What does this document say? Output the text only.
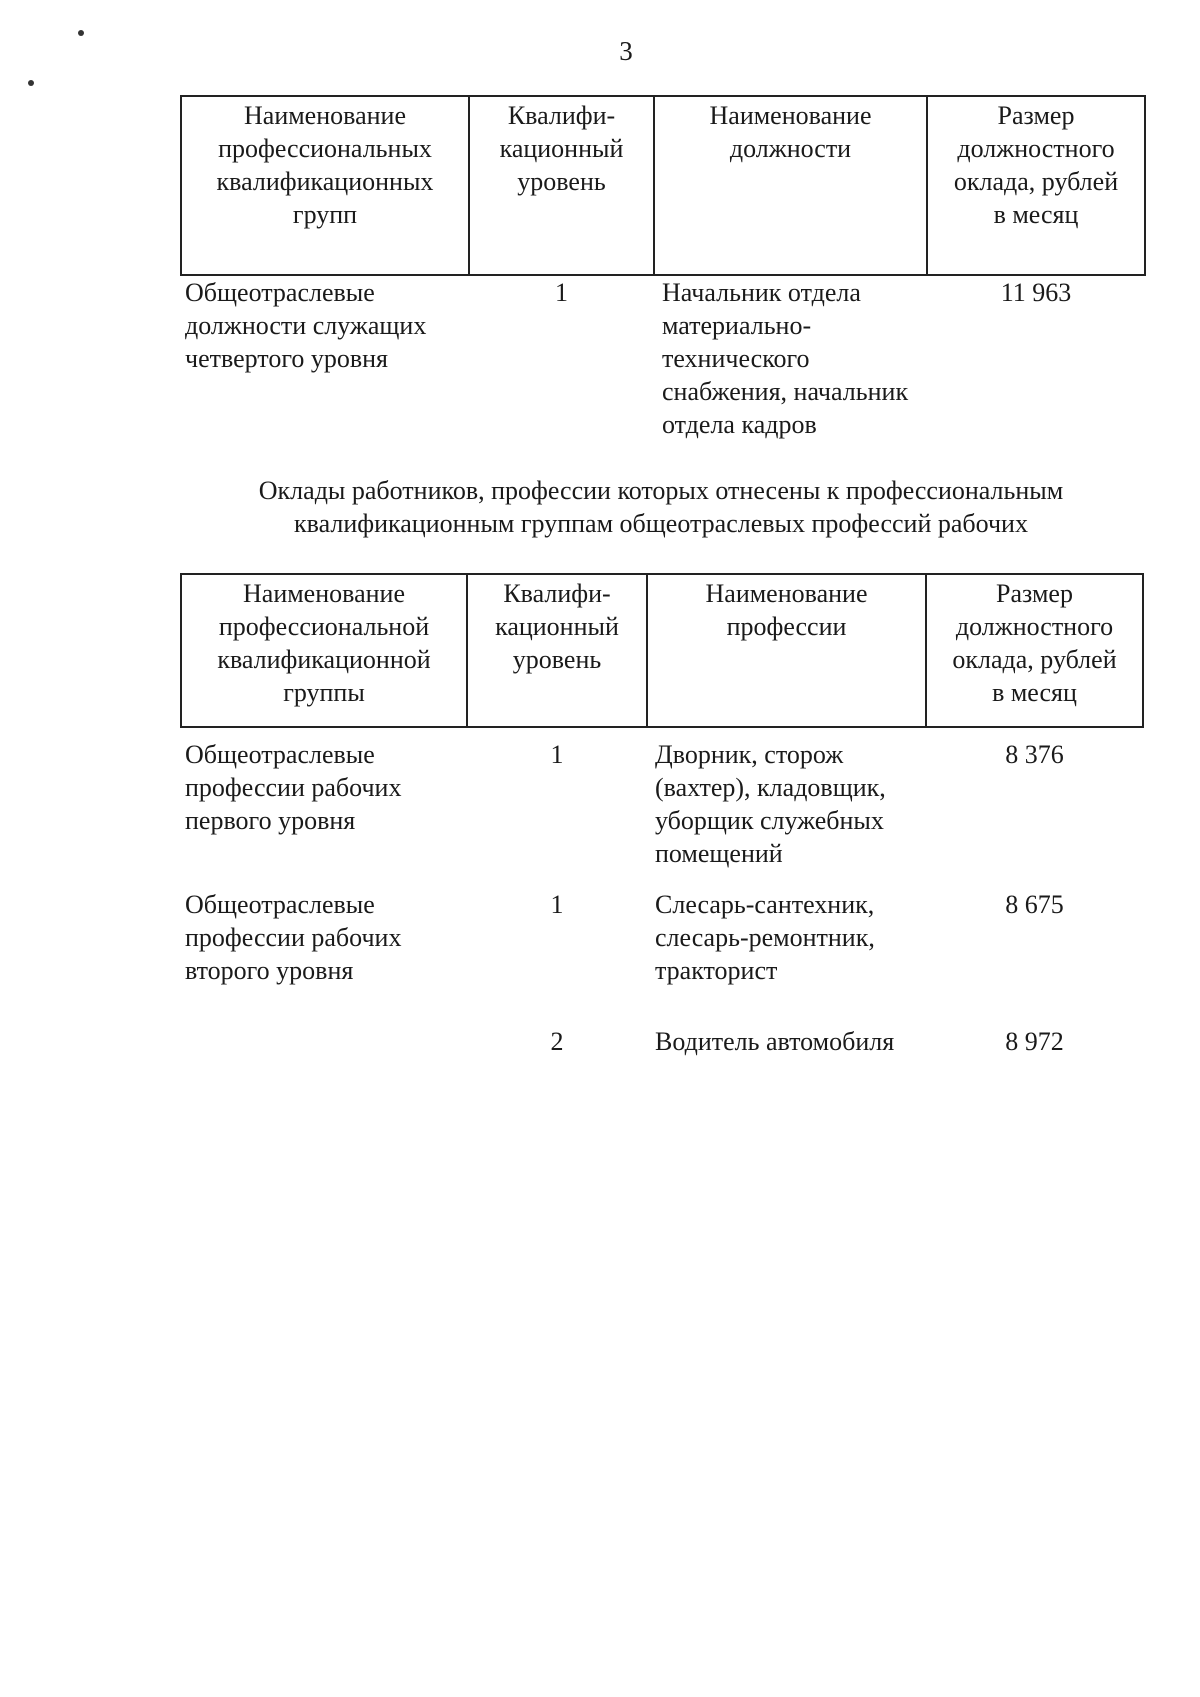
3
Наименование
профессиональных
квалификационных
групп	Квалифи-
кационный
уровень	Наименование
должности	Размер
должностного
оклада, рублей
в месяц

Общеотраслевые
должности служащих
четвертого уровня	1	Начальник отдела
материально-
технического
снабжения, начальник
отдела кадров	11 963
Оклады работников, профессии которых отнесены к профессиональным
квалификационным группам общеотраслевых профессий рабочих
Наименование
профессиональной
квалификационной
группы	Квалифи-
кационный
уровень	Наименование
профессии	Размер
должностного
оклада, рублей
в месяц

Общеотраслевые
профессии рабочих
первого уровня	1	Дворник, сторож
(вахтер), кладовщик,
уборщик служебных
помещений	8 376

Общеотраслевые
профессии рабочих
второго уровня	1	Слесарь-сантехник,
слесарь-ремонтник,
тракторист	8 675
	2	Водитель автомобиля	8 972
